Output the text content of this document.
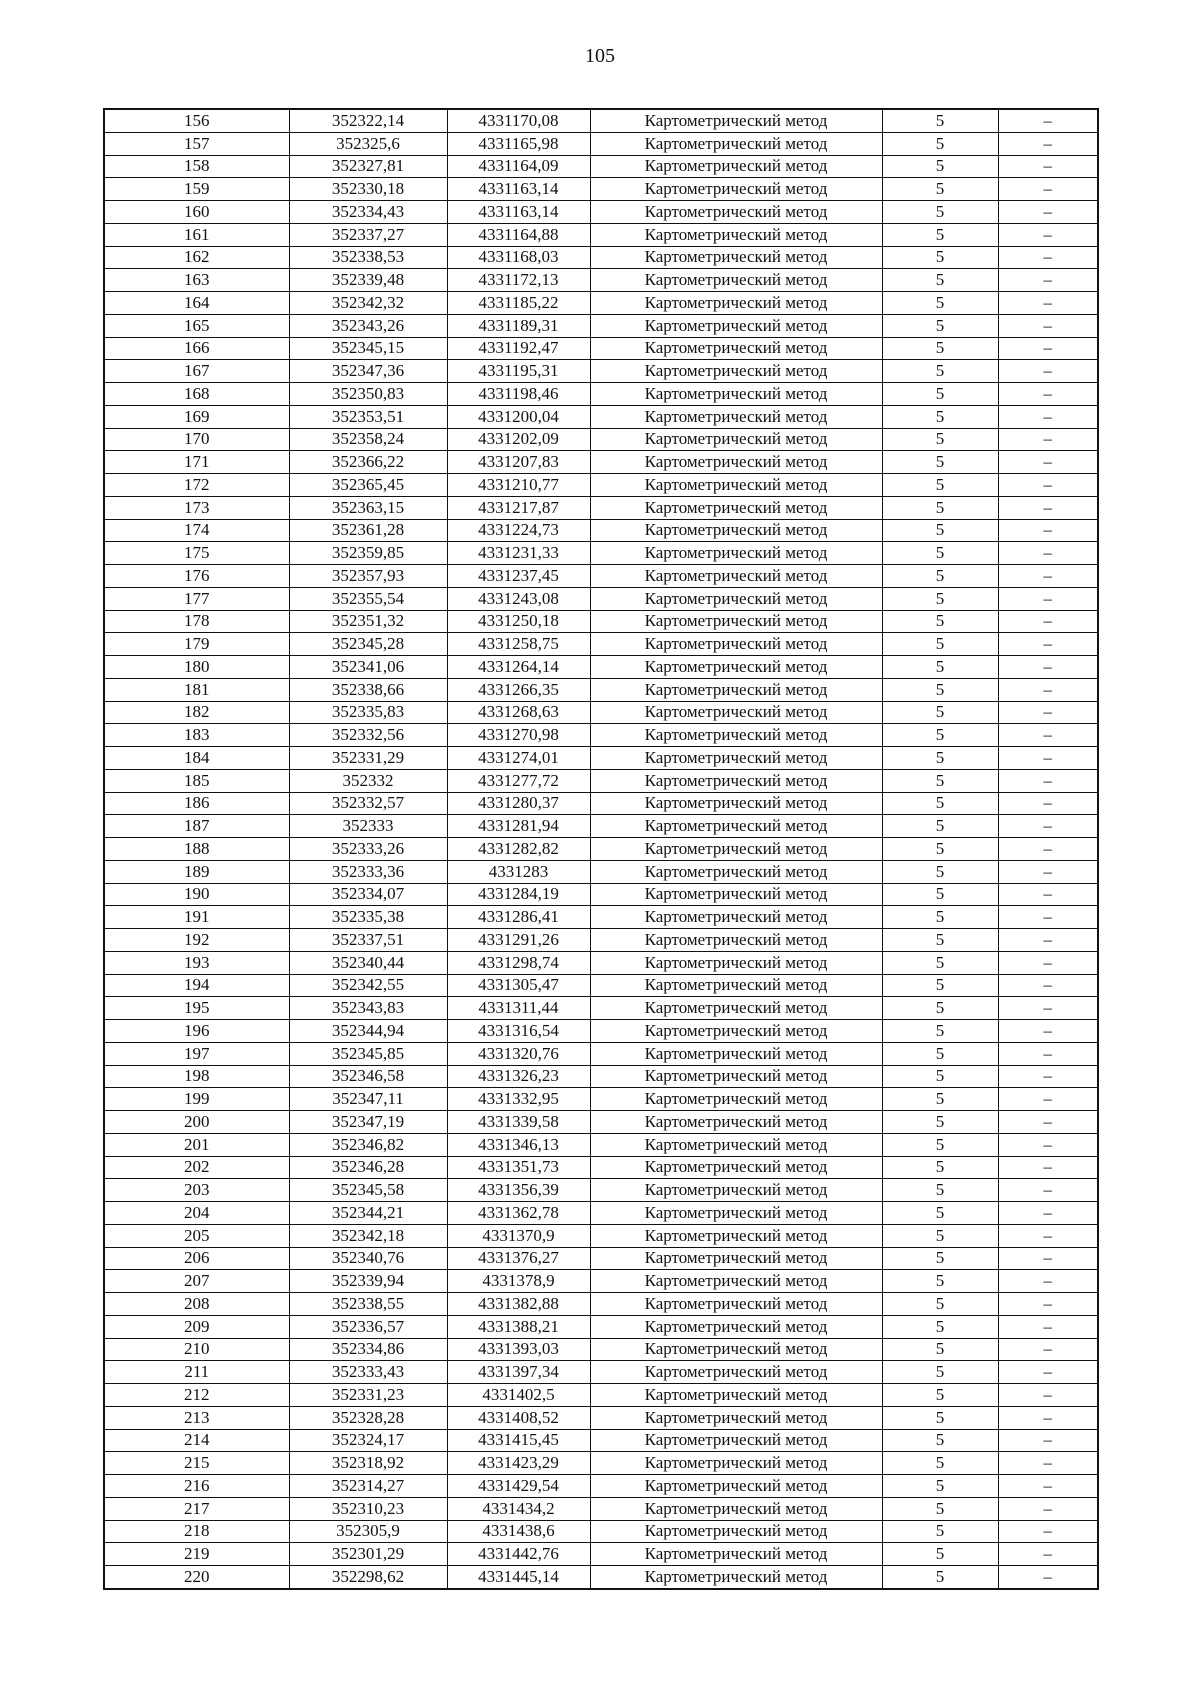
105
156	352322,14	4331170,08	Картометрический метод	5	–
157	352325,6	4331165,98	Картометрический метод	5	–
158	352327,81	4331164,09	Картометрический метод	5	–
159	352330,18	4331163,14	Картометрический метод	5	–
160	352334,43	4331163,14	Картометрический метод	5	–
161	352337,27	4331164,88	Картометрический метод	5	–
162	352338,53	4331168,03	Картометрический метод	5	–
163	352339,48	4331172,13	Картометрический метод	5	–
164	352342,32	4331185,22	Картометрический метод	5	–
165	352343,26	4331189,31	Картометрический метод	5	–
166	352345,15	4331192,47	Картометрический метод	5	–
167	352347,36	4331195,31	Картометрический метод	5	–
168	352350,83	4331198,46	Картометрический метод	5	–
169	352353,51	4331200,04	Картометрический метод	5	–
170	352358,24	4331202,09	Картометрический метод	5	–
171	352366,22	4331207,83	Картометрический метод	5	–
172	352365,45	4331210,77	Картометрический метод	5	–
173	352363,15	4331217,87	Картометрический метод	5	–
174	352361,28	4331224,73	Картометрический метод	5	–
175	352359,85	4331231,33	Картометрический метод	5	–
176	352357,93	4331237,45	Картометрический метод	5	–
177	352355,54	4331243,08	Картометрический метод	5	–
178	352351,32	4331250,18	Картометрический метод	5	–
179	352345,28	4331258,75	Картометрический метод	5	–
180	352341,06	4331264,14	Картометрический метод	5	–
181	352338,66	4331266,35	Картометрический метод	5	–
182	352335,83	4331268,63	Картометрический метод	5	–
183	352332,56	4331270,98	Картометрический метод	5	–
184	352331,29	4331274,01	Картометрический метод	5	–
185	352332	4331277,72	Картометрический метод	5	–
186	352332,57	4331280,37	Картометрический метод	5	–
187	352333	4331281,94	Картометрический метод	5	–
188	352333,26	4331282,82	Картометрический метод	5	–
189	352333,36	4331283	Картометрический метод	5	–
190	352334,07	4331284,19	Картометрический метод	5	–
191	352335,38	4331286,41	Картометрический метод	5	–
192	352337,51	4331291,26	Картометрический метод	5	–
193	352340,44	4331298,74	Картометрический метод	5	–
194	352342,55	4331305,47	Картометрический метод	5	–
195	352343,83	4331311,44	Картометрический метод	5	–
196	352344,94	4331316,54	Картометрический метод	5	–
197	352345,85	4331320,76	Картометрический метод	5	–
198	352346,58	4331326,23	Картометрический метод	5	–
199	352347,11	4331332,95	Картометрический метод	5	–
200	352347,19	4331339,58	Картометрический метод	5	–
201	352346,82	4331346,13	Картометрический метод	5	–
202	352346,28	4331351,73	Картометрический метод	5	–
203	352345,58	4331356,39	Картометрический метод	5	–
204	352344,21	4331362,78	Картометрический метод	5	–
205	352342,18	4331370,9	Картометрический метод	5	–
206	352340,76	4331376,27	Картометрический метод	5	–
207	352339,94	4331378,9	Картометрический метод	5	–
208	352338,55	4331382,88	Картометрический метод	5	–
209	352336,57	4331388,21	Картометрический метод	5	–
210	352334,86	4331393,03	Картометрический метод	5	–
211	352333,43	4331397,34	Картометрический метод	5	–
212	352331,23	4331402,5	Картометрический метод	5	–
213	352328,28	4331408,52	Картометрический метод	5	–
214	352324,17	4331415,45	Картометрический метод	5	–
215	352318,92	4331423,29	Картометрический метод	5	–
216	352314,27	4331429,54	Картометрический метод	5	–
217	352310,23	4331434,2	Картометрический метод	5	–
218	352305,9	4331438,6	Картометрический метод	5	–
219	352301,29	4331442,76	Картометрический метод	5	–
220	352298,62	4331445,14	Картометрический метод	5	–
